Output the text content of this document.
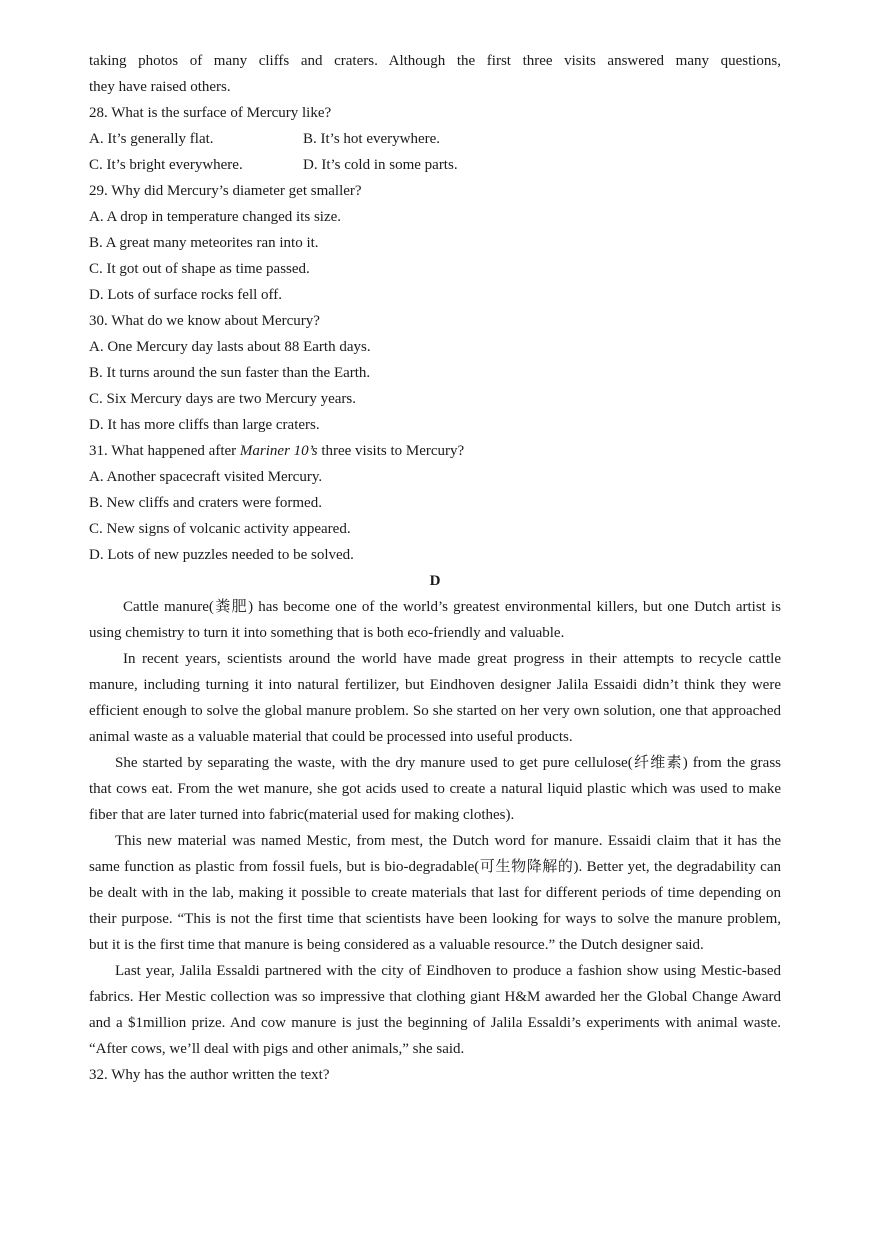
taking photos of many cliffs and craters. Although the first three visits answered many questions,
they have raised others.
28. What is the surface of Mercury like?
A. It’s generally flat.	B. It’s hot everywhere.
C. It’s bright everywhere.	D. It’s cold in some parts.
29. Why did Mercury’s diameter get smaller?
A. A drop in temperature changed its size.
B. A great many meteorites ran into it.
C. It got out of shape as time passed.
D. Lots of surface rocks fell off.
30. What do we know about Mercury?
A. One Mercury day lasts about 88 Earth days.
B. It turns around the sun faster than the Earth.
C. Six Mercury days are two Mercury years.
D. It has more cliffs than large craters.
31. What happened after Mariner 10’s three visits to Mercury?
A. Another spacecraft visited Mercury.
B. New cliffs and craters were formed.
C. New signs of volcanic activity appeared.
D. Lots of new puzzles needed to be solved.
D

Cattle manure(粪肥) has become one of the world’s greatest environmental killers, but one Dutch artist is using chemistry to turn it into something that is both eco-friendly and valuable.

In recent years, scientists around the world have made great progress in their attempts to recycle cattle manure, including turning it into natural fertilizer, but Eindhoven designer Jalila Essaidi didn’t think they were efficient enough to solve the global manure problem. So she started on her very own solution, one that approached animal waste as a valuable material that could be processed into useful products.

She started by separating the waste, with the dry manure used to get pure cellulose(纤维素) from the grass that cows eat. From the wet manure, she got acids used to create a natural liquid plastic which was used to make fiber that are later turned into fabric(material used for making clothes).

This new material was named Mestic, from mest, the Dutch word for manure. Essaidi claim that it has the same function as plastic from fossil fuels, but is bio-degradable(可生物降解的). Better yet, the degradability can be dealt with in the lab, making it possible to create materials that last for different periods of time depending on their purpose. “This is not the first time that scientists have been looking for ways to solve the manure problem, but it is the first time that manure is being considered as a valuable resource.” the Dutch designer said.

Last year, Jalila Essaldi partnered with the city of Eindhoven to produce a fashion show using Mestic-based fabrics. Her Mestic collection was so impressive that clothing giant H&M awarded her the Global Change Award and a $1million prize. And cow manure is just the beginning of Jalila Essaldi’s experiments with animal waste. “After cows, we’ll deal with pigs and other animals,” she said.

32. Why has the author written the text?
